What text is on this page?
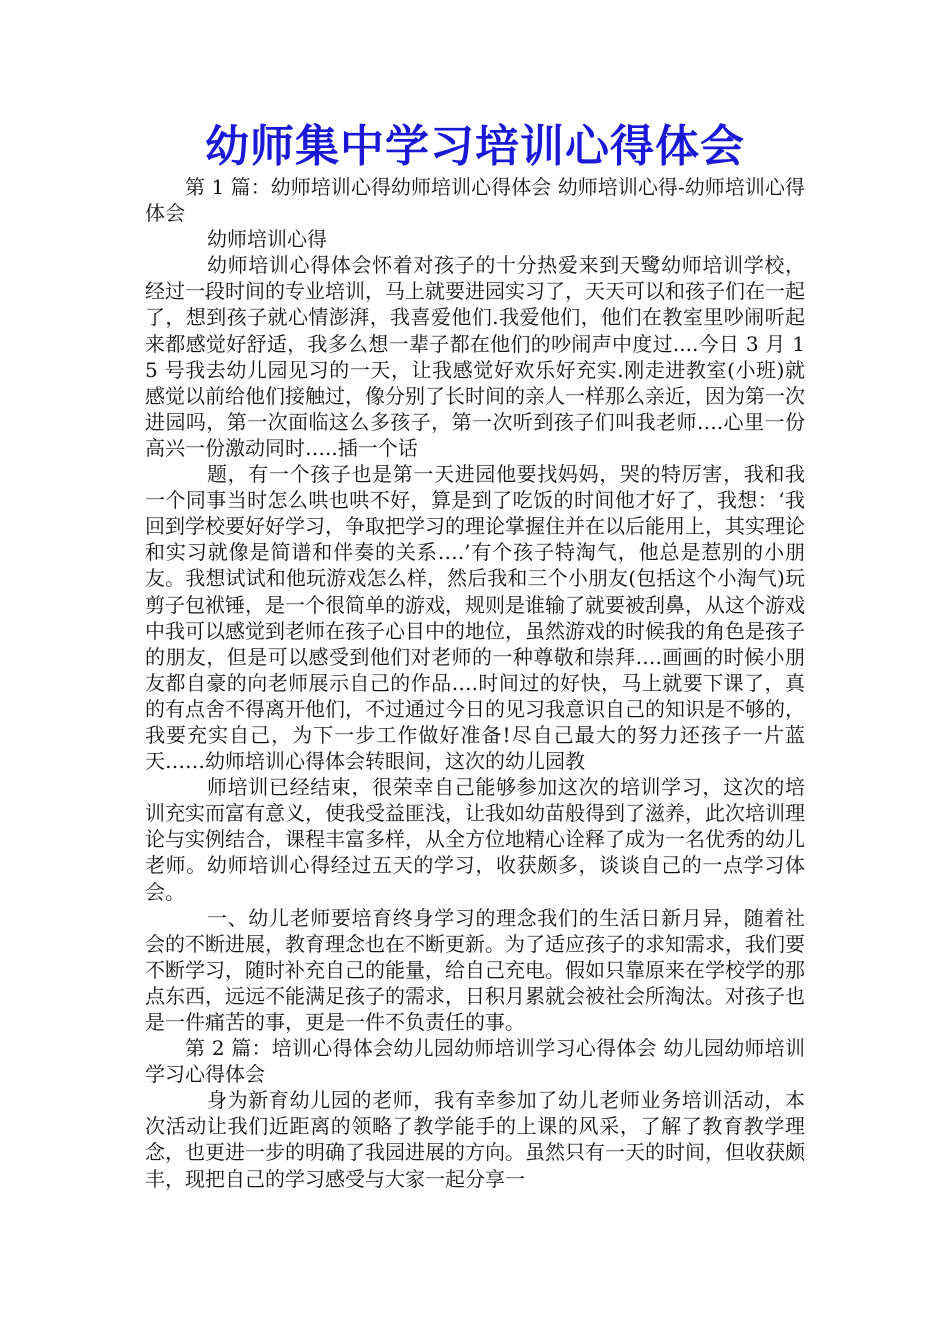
幼师集中学习培训心得体会

第 1 篇：幼师培训心得幼师培训心得体会 幼师培训心得-幼师培训心得体会

幼师培训心得

幼师培训心得体会怀着对孩子的十分热爱来到天鹭幼师培训学校，经过一段时间的专业培训，马上就要进园实习了，天天可以和孩子们在一起了，想到孩子就心情澎湃，我喜爱他们.我爱他们，他们在教室里吵闹听起来都感觉好舒适，我多么想一辈子都在他们的吵闹声中度过....今日 3 月 15 号我去幼儿园见习的一天，让我感觉好欢乐好充实.刚走进教室(小班)就感觉以前给他们接触过，像分别了长时间的亲人一样那么亲近，因为第一次进园吗，第一次面临这么多孩子，第一次听到孩子们叫我老师….心里一份高兴一份激动同时…..插一个话

题，有一个孩子也是第一天进园他要找妈妈，哭的特厉害，我和我一个同事当时怎么哄也哄不好，算是到了吃饭的时间他才好了，我想：‘我回到学校要好好学习，争取把学习的理论掌握住并在以后能用上，其实理论和实习就像是简谱和伴奏的关系….’有个孩子特淘气，他总是惹别的小朋友。我想试试和他玩游戏怎么样，然后我和三个小朋友(包括这个小淘气)玩剪子包袱锤，是一个很简单的游戏，规则是谁输了就要被刮鼻，从这个游戏中我可以感觉到老师在孩子心目中的地位，虽然游戏的时候我的角色是孩子的朋友，但是可以感受到他们对老师的一种尊敬和崇拜….画画的时候小朋友都自豪的向老师展示自己的作品….时间过的好快，马上就要下课了，真的有点舍不得离开他们，不过通过今日的见习我意识自己的知识是不够的，我要充实自己，为下一步工作做好准备!尽自己最大的努力还孩子一片蓝天……幼师培训心得体会转眼间，这次的幼儿园教

师培训已经结束，很荣幸自己能够参加这次的培训学习，这次的培训充实而富有意义，使我受益匪浅，让我如幼苗般得到了滋养，此次培训理论与实例结合，课程丰富多样，从全方位地精心诠释了成为一名优秀的幼儿老师。幼师培训心得经过五天的学习，收获颇多，谈谈自己的一点学习体会。

一、幼儿老师要培育终身学习的理念我们的生活日新月异，随着社会的不断进展，教育理念也在不断更新。为了适应孩子的求知需求，我们要不断学习，随时补充自己的能量，给自己充电。假如只靠原来在学校学的那点东西，远远不能满足孩子的需求，日积月累就会被社会所淘汰。对孩子也是一件痛苦的事，更是一件不负责任的事。

第 2 篇：培训心得体会幼儿园幼师培训学习心得体会 幼儿园幼师培训学习心得体会

身为新育幼儿园的老师，我有幸参加了幼儿老师业务培训活动，本次活动让我们近距离的领略了教学能手的上课的风采，了解了教育教学理念，也更进一步的明确了我园进展的方向。虽然只有一天的时间，但收获颇丰，现把自己的学习感受与大家一起分享一
